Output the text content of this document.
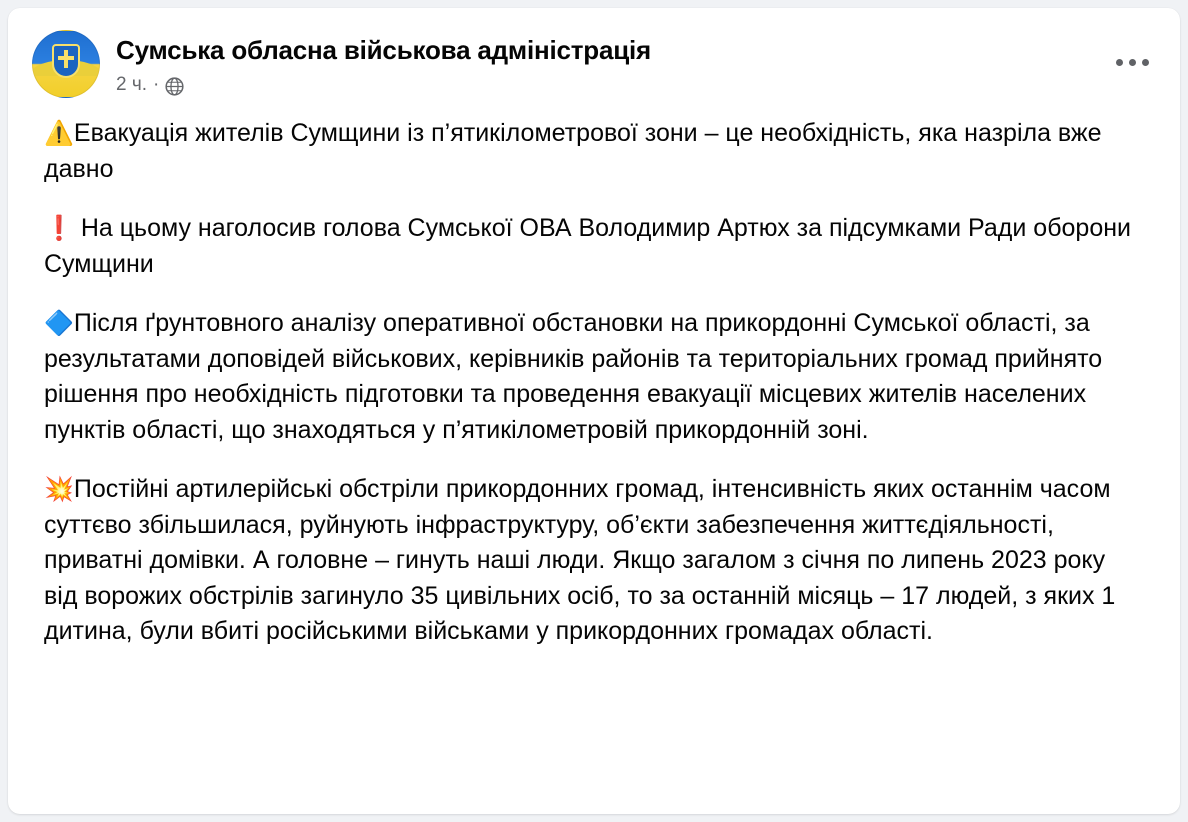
Сумська обласна військова адміністрація
2 ч. ·

⚠️Евакуація жителів Сумщини із п’ятикілометрової зони – це необхідність, яка назріла вже давно

❗ На цьому наголосив голова Сумської ОВА Володимир Артюх за підсумками Ради оборони Сумщини

🔷Після ґрунтовного аналізу оперативної обстановки на прикордонні Сумської області, за результатами доповідей військових, керівників районів та територіальних громад прийнято рішення про необхідність підготовки та проведення евакуації місцевих жителів населених пунктів області, що знаходяться у п’ятикілометровій прикордонній зоні.

💥Постійні артилерійські обстріли прикордонних громад, інтенсивність яких останнім часом суттєво збільшилася, руйнують інфраструктуру, об’єкти забезпечення життєдіяльності, приватні домівки. А головне – гинуть наші люди. Якщо загалом з січня по липень 2023 року від ворожих обстрілів загинуло 35 цивільних осіб, то за останній місяць – 17 людей, з яких 1 дитина, були вбиті російськими військами у прикордонних громадах області.
